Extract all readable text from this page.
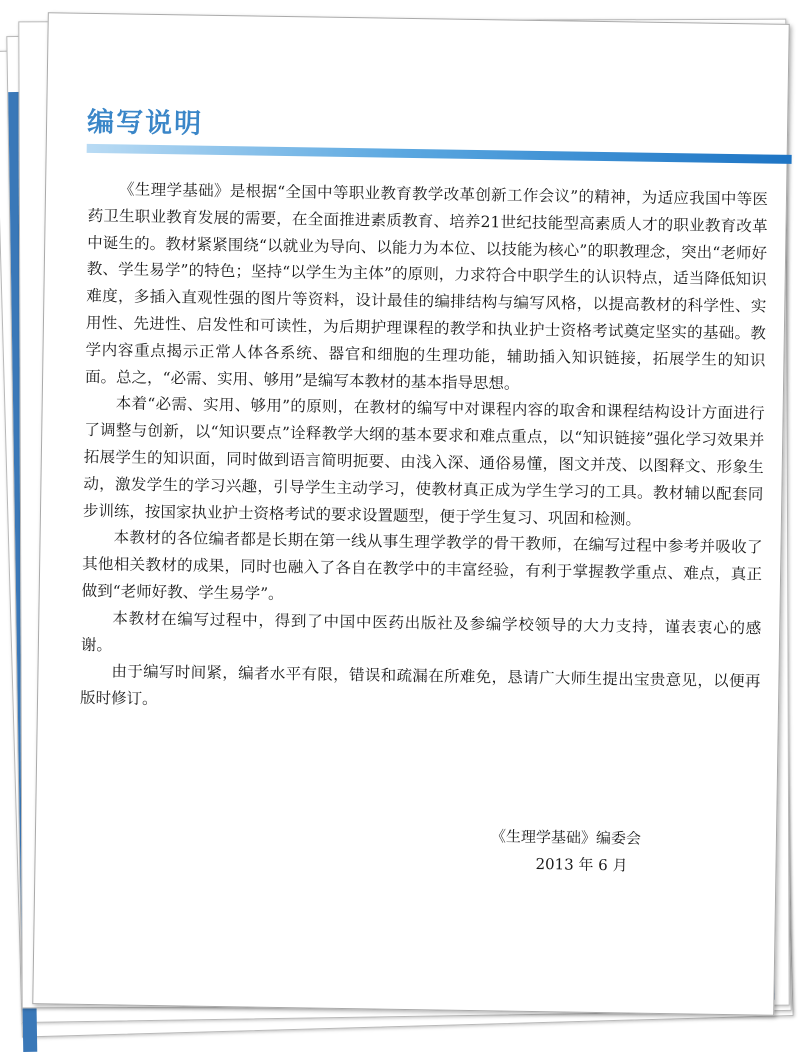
编写说明

《生理学基础》是根据“全国中等职业教育教学改革创新工作会议”的精神，为适应我国中等医药卫生职业教育发展的需要，在全面推进素质教育、培养21世纪技能型高素质人才的职业教育改革中诞生的。教材紧紧围绕“以就业为导向、以能力为本位、以技能为核心”的职教理念，突出“老师好教、学生易学”的特色；坚持“以学生为主体”的原则，力求符合中职学生的认识特点，适当降低知识难度，多插入直观性强的图片等资料，设计最佳的编排结构与编写风格，以提高教材的科学性、实用性、先进性、启发性和可读性，为后期护理课程的教学和执业护士资格考试奠定坚实的基础。教学内容重点揭示正常人体各系统、器官和细胞的生理功能，辅助插入知识链接，拓展学生的知识面。总之，“必需、实用、够用”是编写本教材的基本指导思想。

本着“必需、实用、够用”的原则，在教材的编写中对课程内容的取舍和课程结构设计方面进行了调整与创新，以“知识要点”诠释教学大纲的基本要求和难点重点，以“知识链接”强化学习效果并拓展学生的知识面，同时做到语言简明扼要、由浅入深、通俗易懂，图文并茂、以图释文、形象生动，激发学生的学习兴趣，引导学生主动学习，使教材真正成为学生学习的工具。教材辅以配套同步训练，按国家执业护士资格考试的要求设置题型，便于学生复习、巩固和检测。

本教材的各位编者都是长期在第一线从事生理学教学的骨干教师，在编写过程中参考并吸收了其他相关教材的成果，同时也融入了各自在教学中的丰富经验，有利于掌握教学重点、难点，真正做到“老师好教、学生易学”。

本教材在编写过程中，得到了中国中医药出版社及参编学校领导的大力支持，谨表衷心的感谢。

由于编写时间紧，编者水平有限，错误和疏漏在所难免，恳请广大师生提出宝贵意见，以便再版时修订。

《生理学基础》编委会
2013 年 6 月
